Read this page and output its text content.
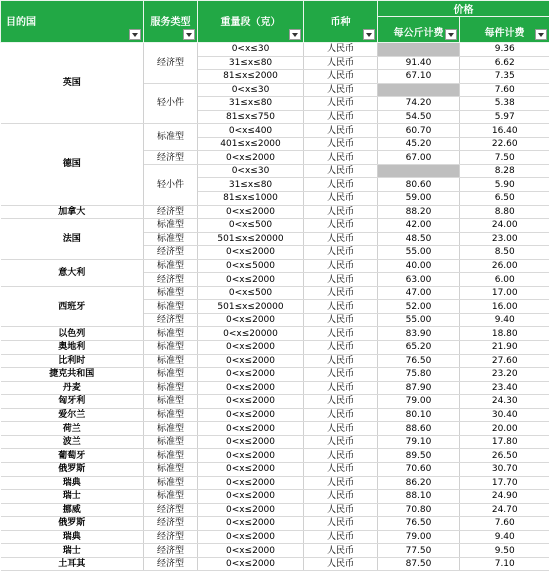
目的国	服务类型	重量段（克）	币种	价格	

				每公斤计费	每件计费

英国	经济型	0<x≤30	人民币		9.36
		31≤x≤80	人民币	91.40	6.62
		81≤x≤2000	人民币	67.10	7.35
	轻小件	0<x≤30	人民币		7.60
		31≤x≤80	人民币	74.20	5.38
		81≤x≤750	人民币	54.50	5.97
德国	标准型	0<x≤400	人民币	60.70	16.40
		401≤x≤2000	人民币	45.20	22.60
	经济型	0<x≤2000	人民币	67.00	7.50
	轻小件	0<x≤30	人民币		8.28
		31≤x≤80	人民币	80.60	5.90
		81≤x≤1000	人民币	59.00	6.50
加拿大	经济型	0<x≤2000	人民币	88.20	8.80
法国	标准型	0<x≤500	人民币	42.00	24.00
	标准型	501≤x≤20000	人民币	48.50	23.00
	经济型	0<x≤2000	人民币	55.00	8.50
意大利	标准型	0<x≤5000	人民币	40.00	26.00
	经济型	0<x≤2000	人民币	63.00	6.00
西班牙	标准型	0<x≤500	人民币	47.00	17.00
	标准型	501≤x≤20000	人民币	52.00	16.00
	经济型	0<x≤2000	人民币	55.00	9.40
以色列	标准型	0<x≤20000	人民币	83.90	18.80
奥地利	标准型	0<x≤2000	人民币	65.20	21.90
比利时	标准型	0<x≤2000	人民币	76.50	27.60
捷克共和国	标准型	0<x≤2000	人民币	75.80	23.20
丹麦	标准型	0<x≤2000	人民币	87.90	23.40
匈牙利	标准型	0<x≤2000	人民币	79.00	24.30
爱尔兰	标准型	0<x≤2000	人民币	80.10	30.40
荷兰	标准型	0<x≤2000	人民币	88.60	20.00
波兰	标准型	0<x≤2000	人民币	79.10	17.80
葡萄牙	标准型	0<x≤2000	人民币	89.50	26.50
俄罗斯	标准型	0<x≤2000	人民币	70.60	30.70
瑞典	标准型	0<x≤2000	人民币	86.20	17.70
瑞士	标准型	0<x≤2000	人民币	88.10	24.90
挪威	经济型	0<x≤2000	人民币	70.80	24.70
俄罗斯	经济型	0<x≤2000	人民币	76.50	7.60
瑞典	经济型	0<x≤2000	人民币	79.00	9.40
瑞士	经济型	0<x≤2000	人民币	77.50	9.50
土耳其	经济型	0<x≤2000	人民币	87.50	7.10
